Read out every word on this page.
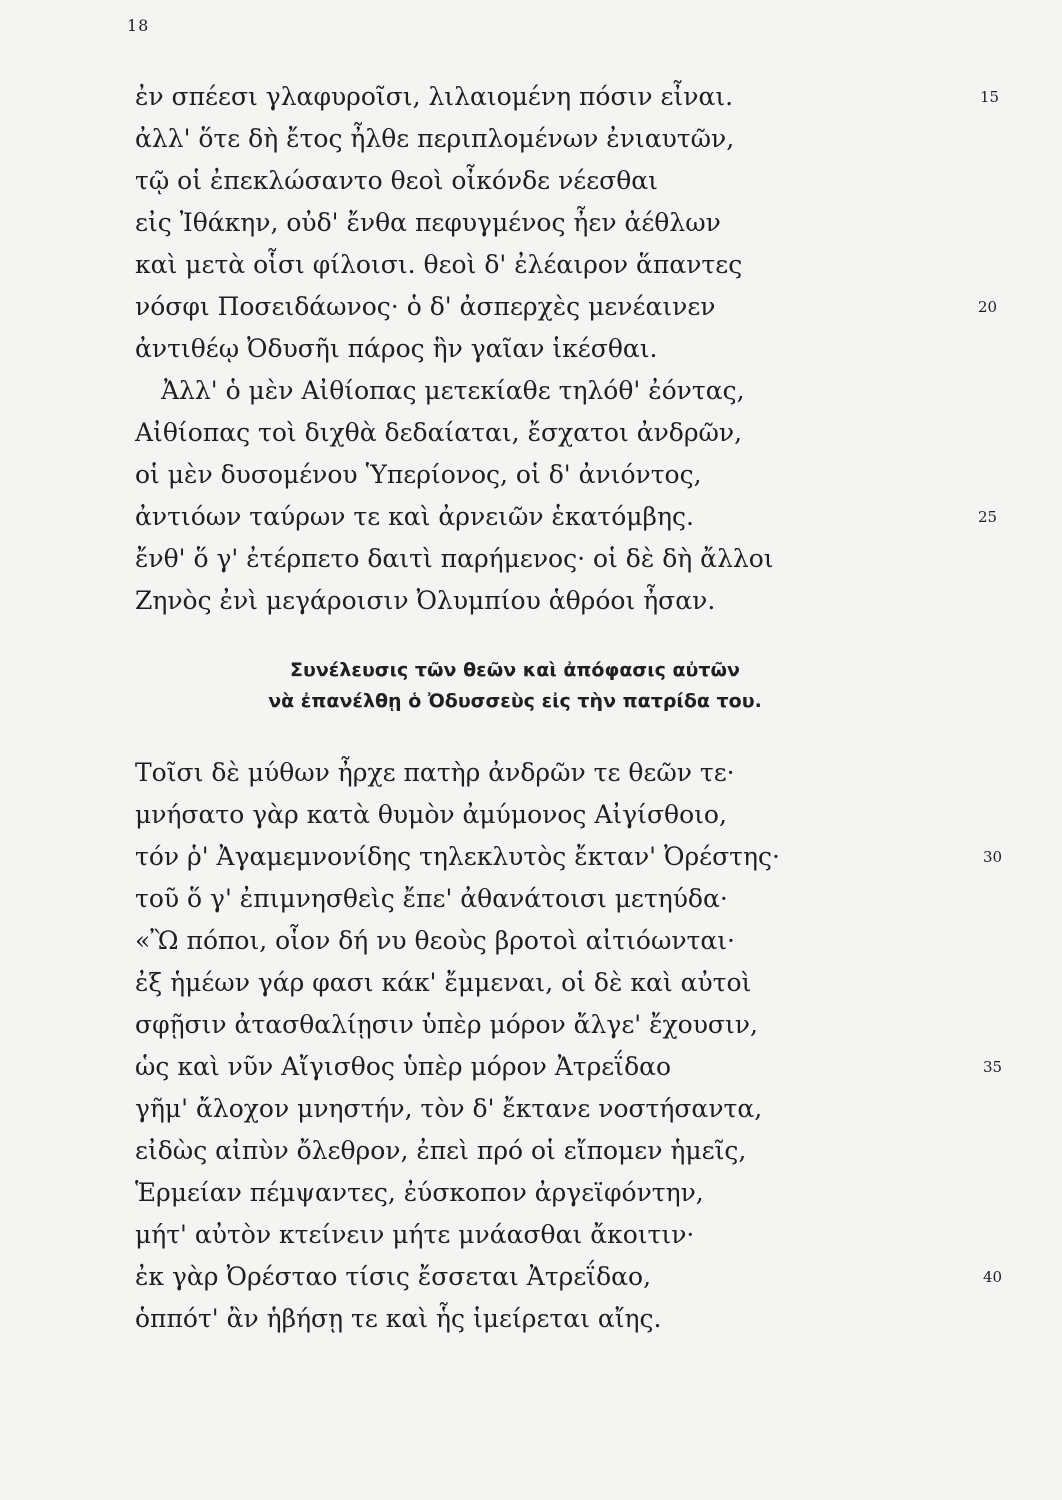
18
ἐν σπέεσι γλαφυροῖσι, λιλαιομένη πόσιν εἶναι.	15
ἀλλ' ὅτε δὴ ἔτος ἦλθε περιπλομένων ἐνιαυτῶν,
τῷ οἱ ἐπεκλώσαντο θεοὶ οἶκόνδε νέεσθαι
εἰς Ἰθάκην, οὐδ' ἔνθα πεφυγμένος ἦεν ἀέθλων
καὶ μετὰ οἷσι φίλοισι. θεοὶ δ' ἐλέαιρον ἅπαντες
νόσφι Ποσειδάωνος· ὁ δ' ἀσπερχὲς μενέαινεν	20
ἀντιθέῳ Ὀδυσῆι πάρος ἣν γαῖαν ἱκέσθαι.
Ἀλλ' ὁ μὲν Αἰθίοπας μετεκίαθε τηλόθ' ἐόντας,
Αἰθίοπας τοὶ διχθὰ δεδαίαται, ἔσχατοι ἀνδρῶν,
οἱ μὲν δυσομένου Ὑπερίονος, οἱ δ' ἀνιόντος,
ἀντιόων ταύρων τε καὶ ἀρνειῶν ἑκατόμβης.	25
ἔνθ' ὅ γ' ἐτέρπετο δαιτὶ παρήμενος· οἱ δὲ δὴ ἄλλοι
Ζηνὸς ἐνὶ μεγάροισιν Ὀλυμπίου ἁθρόοι ἦσαν.
Συνέλευσις τῶν θεῶν καὶ ἀπόφασις αὐτῶν
νὰ ἐπανέλθῃ ὁ Ὀδυσσεὺς εἰς τὴν πατρίδα του.
Τοῖσι δὲ μύθων ἦρχε πατὴρ ἀνδρῶν τε θεῶν τε·
μνήσατο γὰρ κατὰ θυμὸν ἀμύμονος Αἰγίσθοιο,
τόν ῥ' Ἀγαμεμνονίδης τηλεκλυτὸς ἔκταν' Ὀρέστης·	30
τοῦ ὅ γ' ἐπιμνησθεὶς ἔπε' ἀθανάτοισι μετηύδα·
«Ὢ πόποι, οἷον δή νυ θεοὺς βροτοὶ αἰτιόωνται·
ἐξ ἡμέων γάρ φασι κάκ' ἔμμεναι, οἱ δὲ καὶ αὐτοὶ
σφῇσιν ἀτασθαλίῃσιν ὑπὲρ μόρον ἄλγε' ἔχουσιν,
ὡς καὶ νῦν Αἴγισθος ὑπὲρ μόρον Ἀτρεΐδαο	35
γῆμ' ἄλοχον μνηστήν, τὸν δ' ἔκτανε νοστήσαντα,
εἰδὼς αἰπὺν ὄλεθρον, ἐπεὶ πρό οἱ εἴπομεν ἡμεῖς,
Ἑρμείαν πέμψαντες, ἐύσκοπον ἀργεϊφόντην,
μήτ' αὐτὸν κτείνειν μήτε μνάασθαι ἄκοιτιν·
ἐκ γὰρ Ὀρέσταο τίσις ἔσσεται Ἀτρεΐδαο,	40
ὁππότ' ἂν ἡβήσῃ τε καὶ ἧς ἱμείρεται αἴης.
